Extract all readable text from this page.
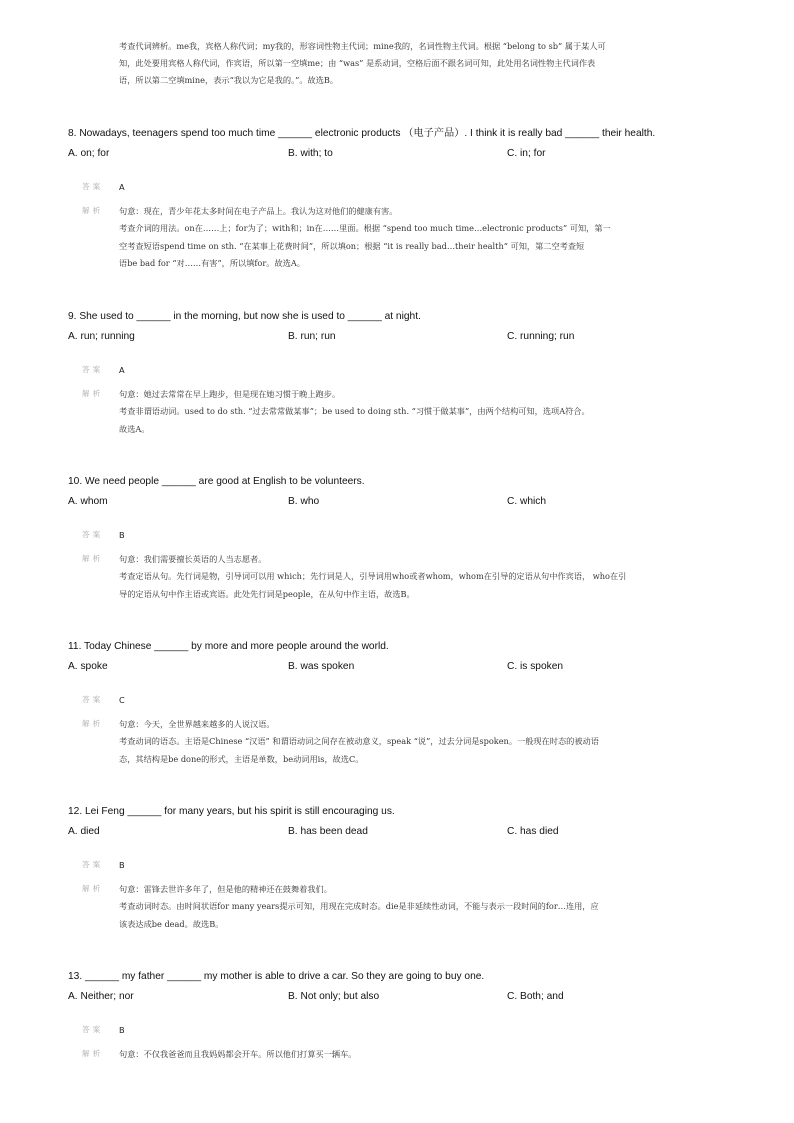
考查代词辨析。me我，宾格人称代词；my我的，形容词性物主代词；mine我的，名词性物主代词。根据 “belong to sb” 属于某人可
知，此处要用宾格人称代词，作宾语，所以第一空填me；由 “was” 是系动词，空格后面不跟名词可知，此处用名词性物主代词作表
语，所以第二空填mine，表示“我以为它是我的。”。故选B。
8. Nowadays, teenagers spend too much time ______ electronic products （电子产品）. I think it is really bad ______ their health.
A. on; for	B. with; to	C. in; for
答案 A
解析 句意：现在，青少年花太多时间在电子产品上。我认为这对他们的健康有害。
考查介词的用法。on在……上；for为了；with和；in在……里面。根据 “spend too much time…electronic products” 可知，第一
空考查短语spend time on sth. “在某事上花费时间”，所以填on；根据 “it is really bad…their health” 可知，第二空考查短
语be bad for “对……有害”，所以填for。故选A。
9. She used to ______ in the morning, but now she is used to ______ at night.
A. run; running	B. run; run	C. running; run
答案 A
解析 句意：她过去常常在早上跑步，但是现在她习惯于晚上跑步。
考查非谓语动词。used to do sth. “过去常常做某事”；be used to doing sth. “习惯于做某事”，由两个结构可知，选项A符合。
故选A。
10. We need people ______ are good at English to be volunteers.
A. whom	B. who	C. which
答案 B
解析 句意：我们需要擅长英语的人当志愿者。
考查定语从句。先行词是物，引导词可以用 which；先行词是人，引导词用who或者whom，whom在引导的定语从句中作宾语， who在引
导的定语从句中作主语或宾语。此处先行词是people，在从句中作主语，故选B。
11. Today Chinese ______ by more and more people around the world.
A. spoke	B. was spoken	C. is spoken
答案 C
解析 句意：今天，全世界越来越多的人说汉语。
考查动词的语态。主语是Chinese “汉语” 和谓语动词之间存在被动意义，speak “说”，过去分词是spoken。一般现在时态的被动语
态，其结构是be done的形式，主语是单数，be动词用is，故选C。
12. Lei Feng ______ for many years, but his spirit is still encouraging us.
A. died	B. has been dead	C. has died
答案 B
解析 句意：雷锋去世许多年了，但是他的精神还在鼓舞着我们。
考查动词时态。由时间状语for many years提示可知，用现在完成时态。die是非延续性动词，不能与表示一段时间的for…连用，应
该表达成be dead。故选B。
13. ______ my father ______ my mother is able to drive a car. So they are going to buy one.
A. Neither; nor	B. Not only; but also	C. Both; and
答案 B
解析 句意：不仅我爸爸而且我妈妈都会开车。所以他们打算买一辆车。
